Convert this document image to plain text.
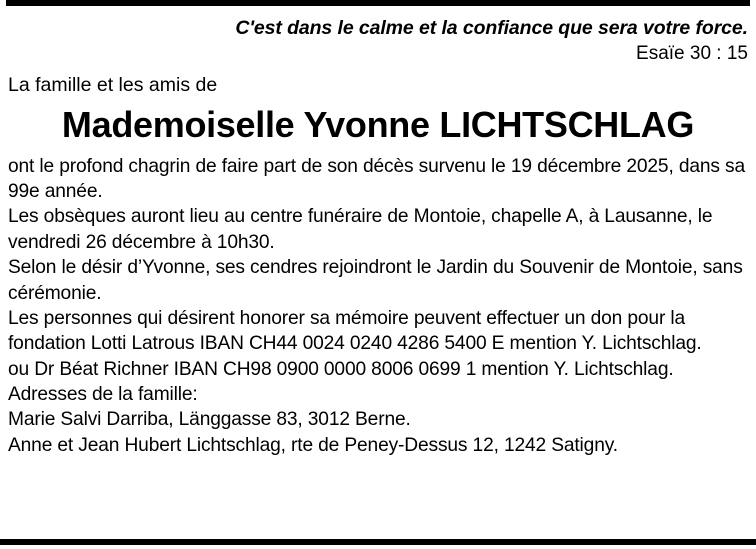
C'est dans le calme et la confiance que sera votre force.
Esaïe 30 : 15
La famille et les amis de
Mademoiselle Yvonne LICHTSCHLAG

ont le profond chagrin de faire part de son décès survenu le 19 décembre 2025, dans sa 99e année.

Les obsèques auront lieu au centre funéraire de Montoie, chapelle A, à Lausanne, le vendredi 26 décembre à 10h30.

Selon le désir d’Yvonne, ses cendres rejoindront le Jardin du Souvenir de Montoie, sans cérémonie.

Les personnes qui désirent honorer sa mémoire peuvent effectuer un don pour la fondation Lotti Latrous IBAN CH44 0024 0240 4286 5400 E mention Y. Lichtschlag.

ou Dr Béat Richner IBAN CH98 0900 0000 8006 0699 1 mention Y. Lichtschlag.

Adresses de la famille:

Marie Salvi Darriba, Länggasse 83, 3012 Berne.

Anne et Jean Hubert Lichtschlag, rte de Peney-Dessus 12, 1242 Satigny.
